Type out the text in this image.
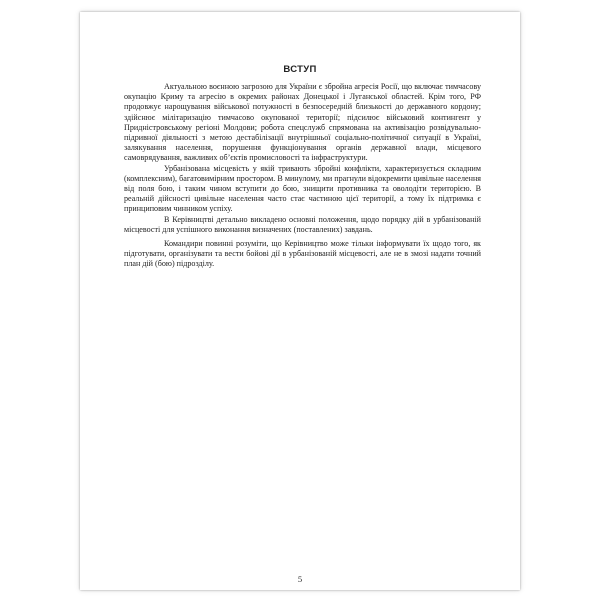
ВСТУП

Актуальною воєнною загрозою для України є збройна агресія Росії, що включає тимчасову окупацію Криму та агресію в окремих районах Донецької і Луганської областей. Крім того, РФ продовжує нарощування військової потужності в безпосередній близькості до державного кордону; здійснює мілітаризацію тимчасово окупованої території; підсилює військовий контингент у Придністровському регіоні Молдови; робота спецслужб спрямована на активізацію розвідувально-підривної діяльності з метою дестабілізації внутрішньої соціально-політичної ситуації в Україні, залякування населення, порушення функціонування органів державної влади, місцевого самоврядування, важливих об’єктів промисловості та інфраструктури.

Урбанізована місцевість у якій тривають збройні конфлікти, характеризується складним (комплексним), багатовимірним простором. В минулому, ми прагнули відокремити цивільне населення від поля бою, і таким чином вступити до бою, знищити противника та оволодіти територією. В реальній дійсності цивільне населення часто стає частиною цієї території, а тому їх підтримка є принциповим чинником успіху.

В Керівництві детально викладено основні положення, щодо порядку дій в урбанізованій місцевості для успішного виконання визначених (поставлених) завдань.

Командири повинні розуміти, що Керівництво може тільки інформувати їх щодо того, як підготувати, організувати та вести бойові дії в урбанізованій місцевості, але не в змозі надати точний план дій (бою) підрозділу.

5
